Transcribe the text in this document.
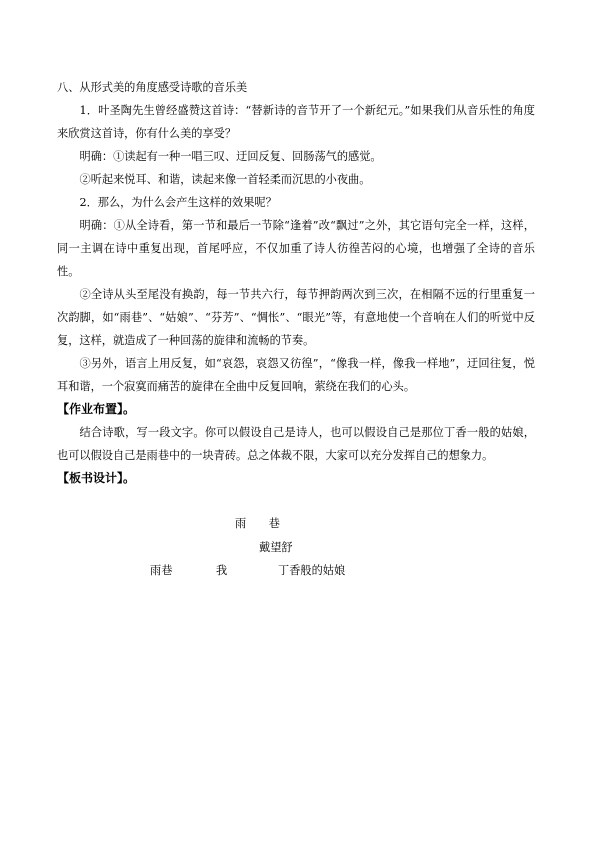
八、从形式美的角度感受诗歌的音乐美

1．叶圣陶先生曾经盛赞这首诗：“替新诗的音节开了一个新纪元。”如果我们从音乐性的角度来欣赏这首诗，你有什么美的享受？

明确：①读起有一种一唱三叹、迂回反复、回肠荡气的感觉。

②听起来悦耳、和谐，读起来像一首轻柔而沉思的小夜曲。

2．那么，为什么会产生这样的效果呢？

明确：①从全诗看，第一节和最后一节除“逢着”改“飘过”之外，其它语句完全一样，这样，同一主调在诗中重复出现，首尾呼应，不仅加重了诗人彷徨苦闷的心境，也增强了全诗的音乐性。

②全诗从头至尾没有换韵，每一节共六行，每节押韵两次到三次，在相隔不远的行里重复一次韵脚，如“雨巷”、“姑娘”、“芬芳”、“惆怅”、“眼光”等，有意地使一个音响在人们的听觉中反复，这样，就造成了一种回荡的旋律和流畅的节奏。

③另外，语言上用反复，如“哀怨，哀怨又彷徨”，“像我一样，像我一样地”，迂回往复，悦耳和谐，一个寂寞而痛苦的旋律在全曲中反复回响，萦绕在我们的心头。

【作业布置】。

结合诗歌，写一段文字。你可以假设自己是诗人，也可以假设自己是那位丁香一般的姑娘，也可以假设自己是雨巷中的一块青砖。总之体裁不限，大家可以充分发挥自己的想象力。

【板书设计】。

雨　　巷
戴望舒
雨巷	我	丁香般的姑娘
